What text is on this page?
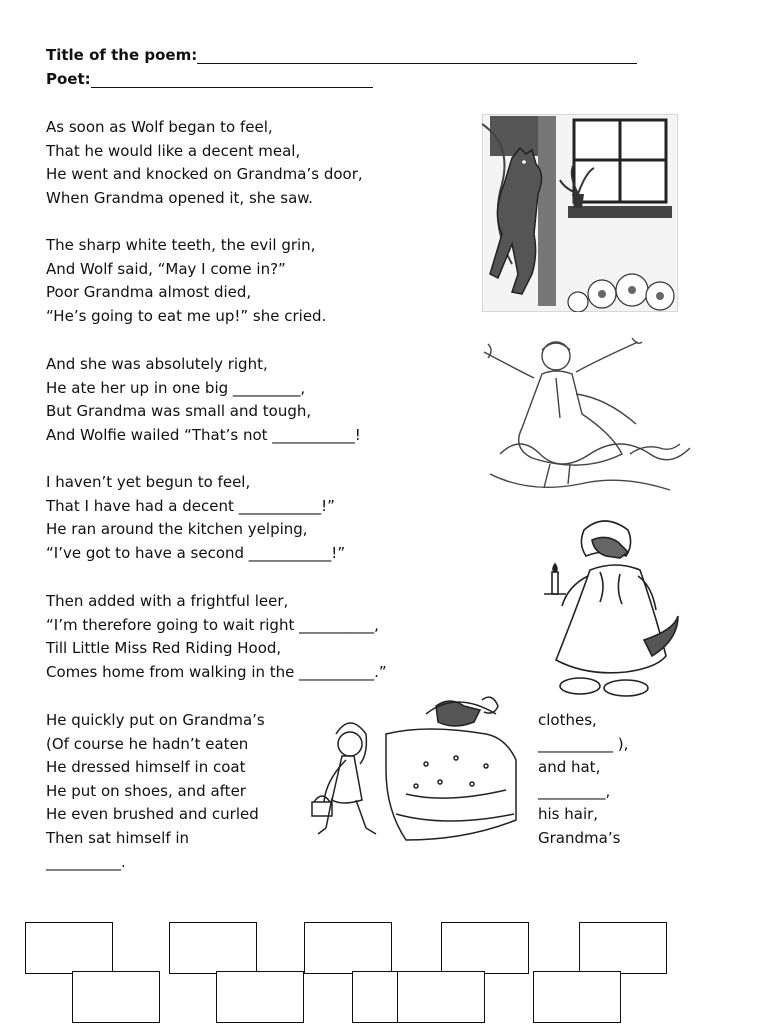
Title of the poem:
Poet:
As soon as Wolf began to feel,
That he would like a decent meal,
He went and knocked on Grandma’s door,
When Grandma opened it, she saw.
The sharp white teeth, the evil grin,
And Wolf said, “May I come in?”
Poor Grandma almost died,
“He’s going to eat me up!” she cried.
And she was absolutely right,
He ate her up in one big _________,
But Grandma was small and tough,
And Wolfie wailed “That’s not ___________!
I haven’t yet begun to feel,
That I have had a decent ___________!”
He ran around the kitchen yelping,
“I’ve got to have a second ___________!”
Then added with a frightful leer,
“I’m therefore going to wait right __________,
Till Little Miss Red Riding Hood,
Comes home from walking in the __________.”
He quickly put on Grandma’s
(Of course he hadn’t eaten
He dressed himself in coat
He put on shoes, and after
He even brushed and curled
Then sat himself in
__________.
clothes,
__________ ),
and hat,
_________,
his hair,
Grandma’s
